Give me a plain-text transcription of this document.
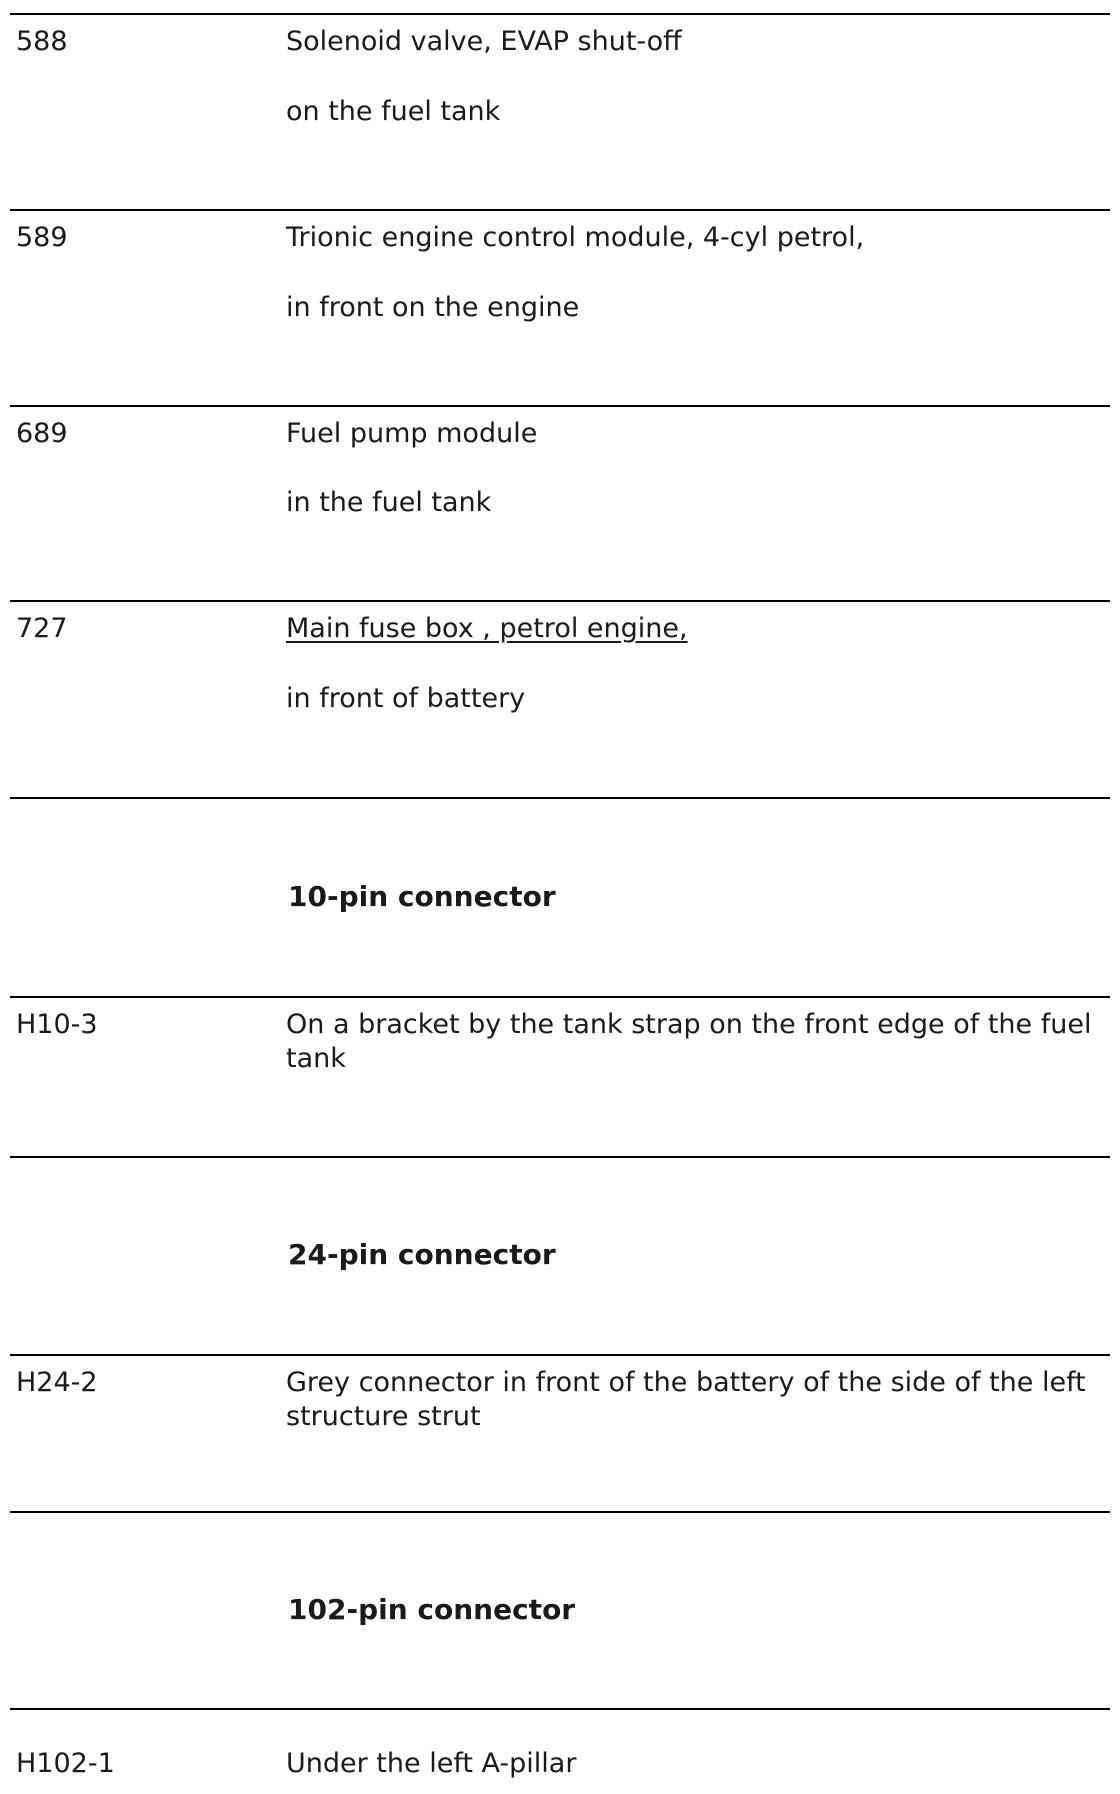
588	Solenoid valve, EVAP shut-off
on the fuel tank
589	Trionic engine control module, 4-cyl petrol,
in front on the engine
689	Fuel pump module
in the fuel tank
727	Main fuse box , petrol engine,
in front of battery
10-pin connector
H10-3	On a bracket by the tank strap on the front edge of the fuel tank
24-pin connector
H24-2	Grey connector in front of the battery of the side of the left structure strut
102-pin connector
H102-1	Under the left A-pillar
